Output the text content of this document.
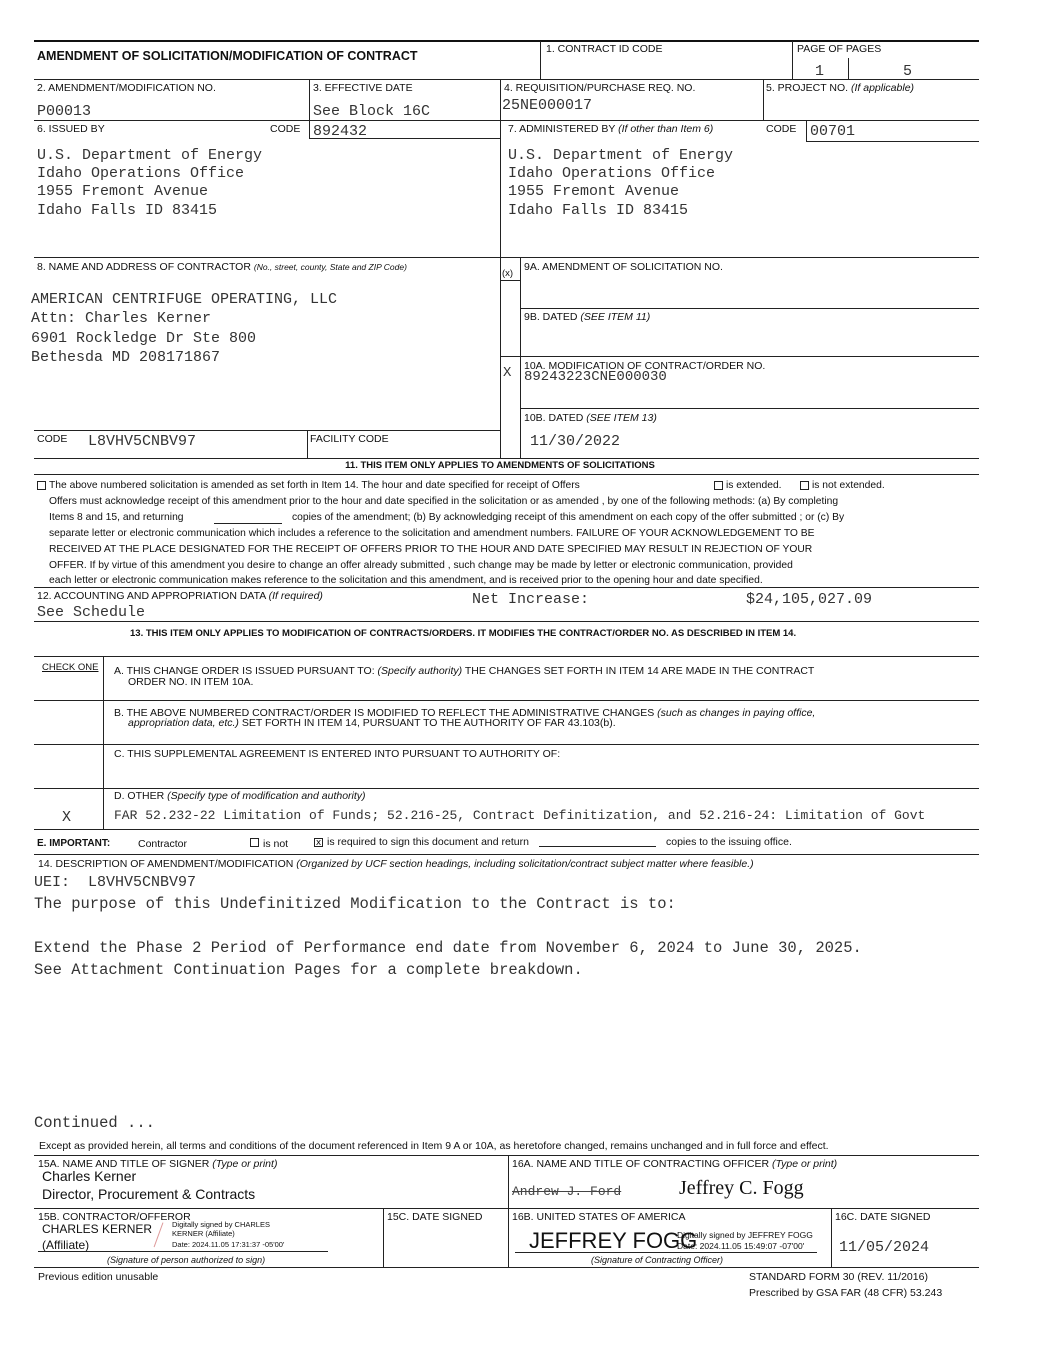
AMENDMENT OF SOLICITATION/MODIFICATION OF CONTRACT	1. CONTRACT ID CODE	PAGE OF PAGES
1	5
2. AMENDMENT/MODIFICATION NO.
P00013
3. EFFECTIVE DATE
See Block 16C
4. REQUISITION/PURCHASE REQ. NO.
25NE000017
5. PROJECT NO. (If applicable)
6. ISSUED BY	CODE 892432
U.S. Department of Energy
Idaho Operations Office
1955 Fremont Avenue
Idaho Falls ID 83415
7. ADMINISTERED BY (If other than Item 6)	CODE 00701
U.S. Department of Energy
Idaho Operations Office
1955 Fremont Avenue
Idaho Falls ID 83415
8. NAME AND ADDRESS OF CONTRACTOR (No., street, county, State and ZIP Code)
AMERICAN CENTRIFUGE OPERATING, LLC
Attn: Charles Kerner
6901 Rockledge Dr Ste 800
Bethesda MD 208171867
(x)
9A. AMENDMENT OF SOLICITATION NO.
9B. DATED (SEE ITEM 11)
X 10A. MODIFICATION OF CONTRACT/ORDER NO.
89243223CNE000030
10B. DATED (SEE ITEM 13)
11/30/2022
CODE L8VHV5CNBV97	FACILITY CODE
11. THIS ITEM ONLY APPLIES TO AMENDMENTS OF SOLICITATIONS
The above numbered solicitation is amended as set forth in Item 14. The hour and date specified for receipt of Offers	is extended.	is not extended.
Offers must acknowledge receipt of this amendment prior to the hour and date specified in the solicitation or as amended , by one of the following methods: (a) By completing
Items 8 and 15, and returning	copies of the amendment; (b) By acknowledging receipt of this amendment on each copy of the offer submitted ; or (c) By
separate letter or electronic communication which includes a reference to the solicitation and amendment numbers. FAILURE OF YOUR ACKNOWLEDGEMENT TO BE
RECEIVED AT THE PLACE DESIGNATED FOR THE RECEIPT OF OFFERS PRIOR TO THE HOUR AND DATE SPECIFIED MAY RESULT IN REJECTION OF YOUR
OFFER. If by virtue of this amendment you desire to change an offer already submitted , such change may be made by letter or electronic communication, provided
each letter or electronic communication makes reference to the solicitation and this amendment, and is received prior to the opening hour and date specified.
12. ACCOUNTING AND APPROPRIATION DATA (If required)
See Schedule
Net Increase:	$24,105,027.09
13. THIS ITEM ONLY APPLIES TO MODIFICATION OF CONTRACTS/ORDERS. IT MODIFIES THE CONTRACT/ORDER NO. AS DESCRIBED IN ITEM 14.
CHECK ONE A. THIS CHANGE ORDER IS ISSUED PURSUANT TO: (Specify authority) THE CHANGES SET FORTH IN ITEM 14 ARE MADE IN THE CONTRACT
ORDER NO. IN ITEM 10A.
B. THE ABOVE NUMBERED CONTRACT/ORDER IS MODIFIED TO REFLECT THE ADMINISTRATIVE CHANGES (such as changes in paying office,
appropriation data, etc.) SET FORTH IN ITEM 14, PURSUANT TO THE AUTHORITY OF FAR 43.103(b).
C. THIS SUPPLEMENTAL AGREEMENT IS ENTERED INTO PURSUANT TO AUTHORITY OF:
D. OTHER (Specify type of modification and authority)
X	FAR 52.232-22 Limitation of Funds; 52.216-25, Contract Definitization, and 52.216-24: Limitation of Govt
E. IMPORTANT:	Contractor	is not	x is required to sign this document and return	copies to the issuing office.
14. DESCRIPTION OF AMENDMENT/MODIFICATION (Organized by UCF section headings, including solicitation/contract subject matter where feasible.)
UEI:  L8VHV5CNBV97
The purpose of this Undefinitized Modification to the Contract is to:
Extend the Phase 2 Period of Performance end date from November 6, 2024 to June 30, 2025.
See Attachment Continuation Pages for a complete breakdown.
Continued ...
Except as provided herein, all terms and conditions of the document referenced in Item 9 A or 10A, as heretofore changed, remains unchanged and in full force and effect.
15A. NAME AND TITLE OF SIGNER (Type or print)
Charles Kerner
Director, Procurement & Contracts
16A. NAME AND TITLE OF CONTRACTING OFFICER (Type or print)
Andrew J. Ford	Jeffrey C. Fogg
15B. CONTRACTOR/OFFEROR	15C. DATE SIGNED	16B. UNITED STATES OF AMERICA	16C. DATE SIGNED
CHARLES KERNER
(Affiliate)
Digitally signed by CHARLES
KERNER (Affiliate)
Date: 2024.11.05 17:31:37 -05'00'
(Signature of person authorized to sign)
JEFFREY FOGG
Digitally signed by JEFFREY FOGG
Date: 2024.11.05 15:49:07 -07'00'
(Signature of Contracting Officer)
11/05/2024
Previous edition unusable	STANDARD FORM 30 (REV. 11/2016)
Prescribed by GSA FAR (48 CFR) 53.243
